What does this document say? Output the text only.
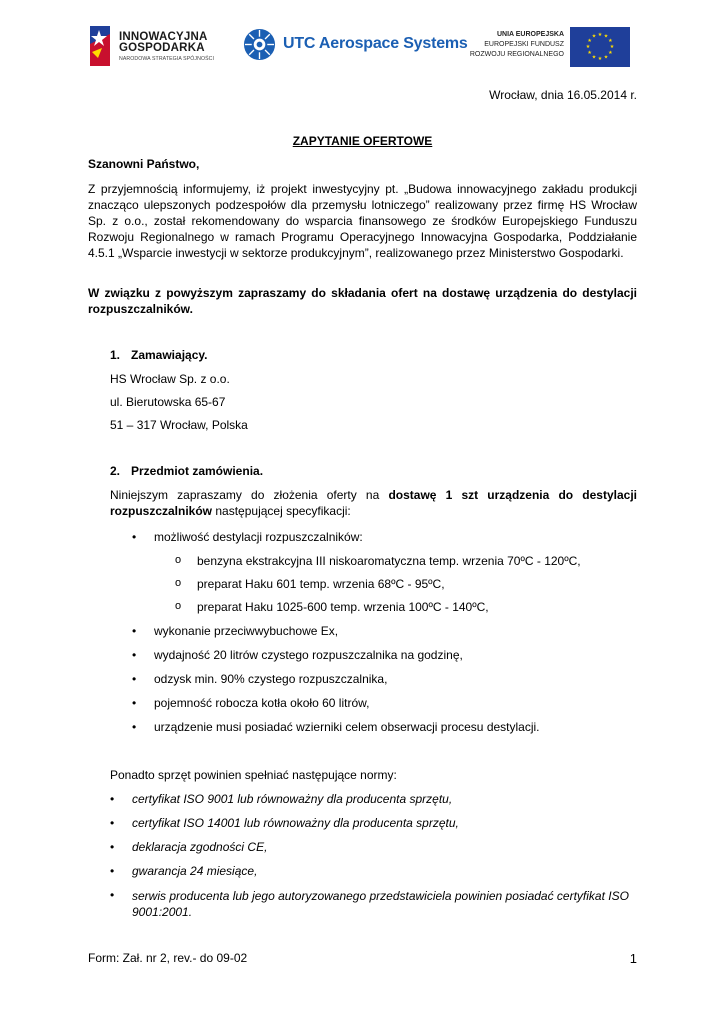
INNOWACYJNA
GOSPODARKA
NARODOWA STRATEGIA SPÓJNOŚCI
UTC Aerospace Systems
UNIA EUROPEJSKA
EUROPEJSKI FUNDUSZ
ROZWOJU REGIONALNEGO
★ ★
★
★
★
★
★
★
★
★
★
★
Wrocław, dnia 16.05.2014 r.
ZAPYTANIE OFERTOWE
Szanowni Państwo,
Z przyjemnością informujemy, iż projekt inwestycyjny pt. „Budowa innowacyjnego zakładu produkcji znacząco ulepszonych podzespołów dla przemysłu lotniczego” realizowany przez firmę HS Wrocław Sp. z o.o., został rekomendowany do wsparcia finansowego ze środków Europejskiego Funduszu Rozwoju Regionalnego w ramach Programu Operacyjnego Innowacyjna Gospodarka, Poddziałanie 4.5.1 „Wsparcie inwestycji w sektorze produkcyjnym”, realizowanego przez Ministerstwo Gospodarki.
W związku z powyższym zapraszamy do składania ofert na dostawę urządzenia do destylacji rozpuszczalników.
1. Zamawiający.
HS Wrocław Sp. z o.o.
ul. Bierutowska 65-67
51 – 317 Wrocław, Polska
2. Przedmiot zamówienia.
Niniejszym zapraszamy do złożenia oferty na dostawę 1 szt urządzenia do destylacji rozpuszczalników następującej specyfikacji:
• możliwość destylacji rozpuszczalników:
o benzyna ekstrakcyjna III niskoaromatyczna temp. wrzenia 70ºC - 120ºC,
o preparat Haku 601 temp. wrzenia 68ºC - 95ºC,
o preparat Haku 1025-600 temp. wrzenia 100ºC - 140ºC,
• wykonanie przeciwwybuchowe Ex,
• wydajność 20 litrów czystego rozpuszczalnika na godzinę,
• odzysk min. 90% czystego rozpuszczalnika,
• pojemność robocza kotła około 60 litrów,
• urządzenie musi posiadać wzierniki celem obserwacji procesu destylacji.
Ponadto sprzęt powinien spełniać następujące normy:
• certyfikat ISO 9001 lub równoważny dla producenta sprzętu,
• certyfikat ISO 14001 lub równoważny dla producenta sprzętu,
• deklaracja zgodności CE,
• gwarancja 24 miesiące,
• serwis producenta lub jego autoryzowanego przedstawiciela powinien posiadać certyfikat ISO 9001:2001.
Form: Zał. nr 2, rev.- do 09-02	1
